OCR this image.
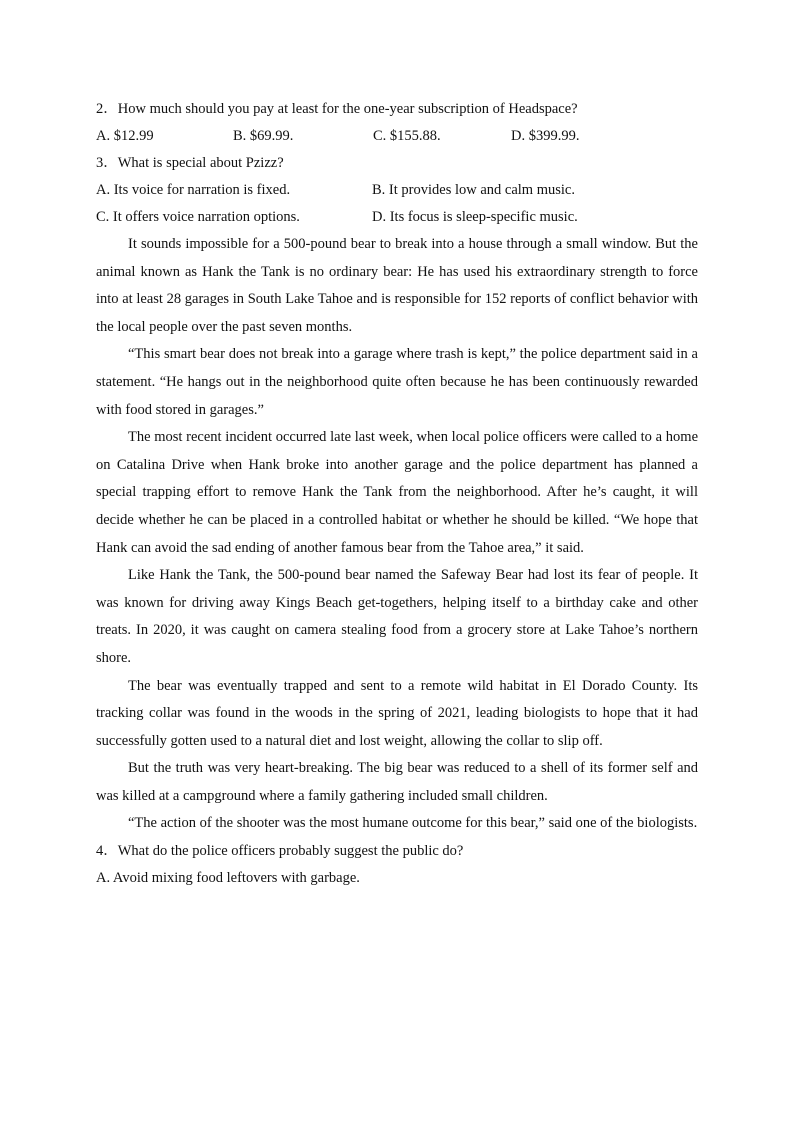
2．How much should you pay at least for the one-year subscription of Headspace?

A. $12.99	B. $69.99.	C. $155.88.	D. $399.99.

3．What is special about Pzizz?

A. Its voice for narration is fixed.	B. It provides low and calm music.
C. It offers voice narration options.	D. Its focus is sleep-specific music.

It sounds impossible for a 500-pound bear to break into a house through a small window. But the animal known as Hank the Tank is no ordinary bear: He has used his extraordinary strength to force into at least 28 garages in South Lake Tahoe and is responsible for 152 reports of conflict behavior with the local people over the past seven months.

“This smart bear does not break into a garage where trash is kept,” the police department said in a statement. “He hangs out in the neighborhood quite often because he has been continuously rewarded with food stored in garages.”

The most recent incident occurred late last week, when local police officers were called to a home on Catalina Drive when Hank broke into another garage and the police department has planned a special trapping effort to remove Hank the Tank from the neighborhood. After he’s caught, it will decide whether he can be placed in a controlled habitat or whether he should be killed. “We hope that Hank can avoid the sad ending of another famous bear from the Tahoe area,” it said.

Like Hank the Tank, the 500-pound bear named the Safeway Bear had lost its fear of people. It was known for driving away Kings Beach get-togethers, helping itself to a birthday cake and other treats. In 2020, it was caught on camera stealing food from a grocery store at Lake Tahoe’s northern shore.

The bear was eventually trapped and sent to a remote wild habitat in El Dorado County. Its tracking collar was found in the woods in the spring of 2021, leading biologists to hope that it had successfully gotten used to a natural diet and lost weight, allowing the collar to slip off.

But the truth was very heart-breaking. The big bear was reduced to a shell of its former self and was killed at a campground where a family gathering included small children.

“The action of the shooter was the most humane outcome for this bear,” said one of the biologists.

4．What do the police officers probably suggest the public do?

A. Avoid mixing food leftovers with garbage.
